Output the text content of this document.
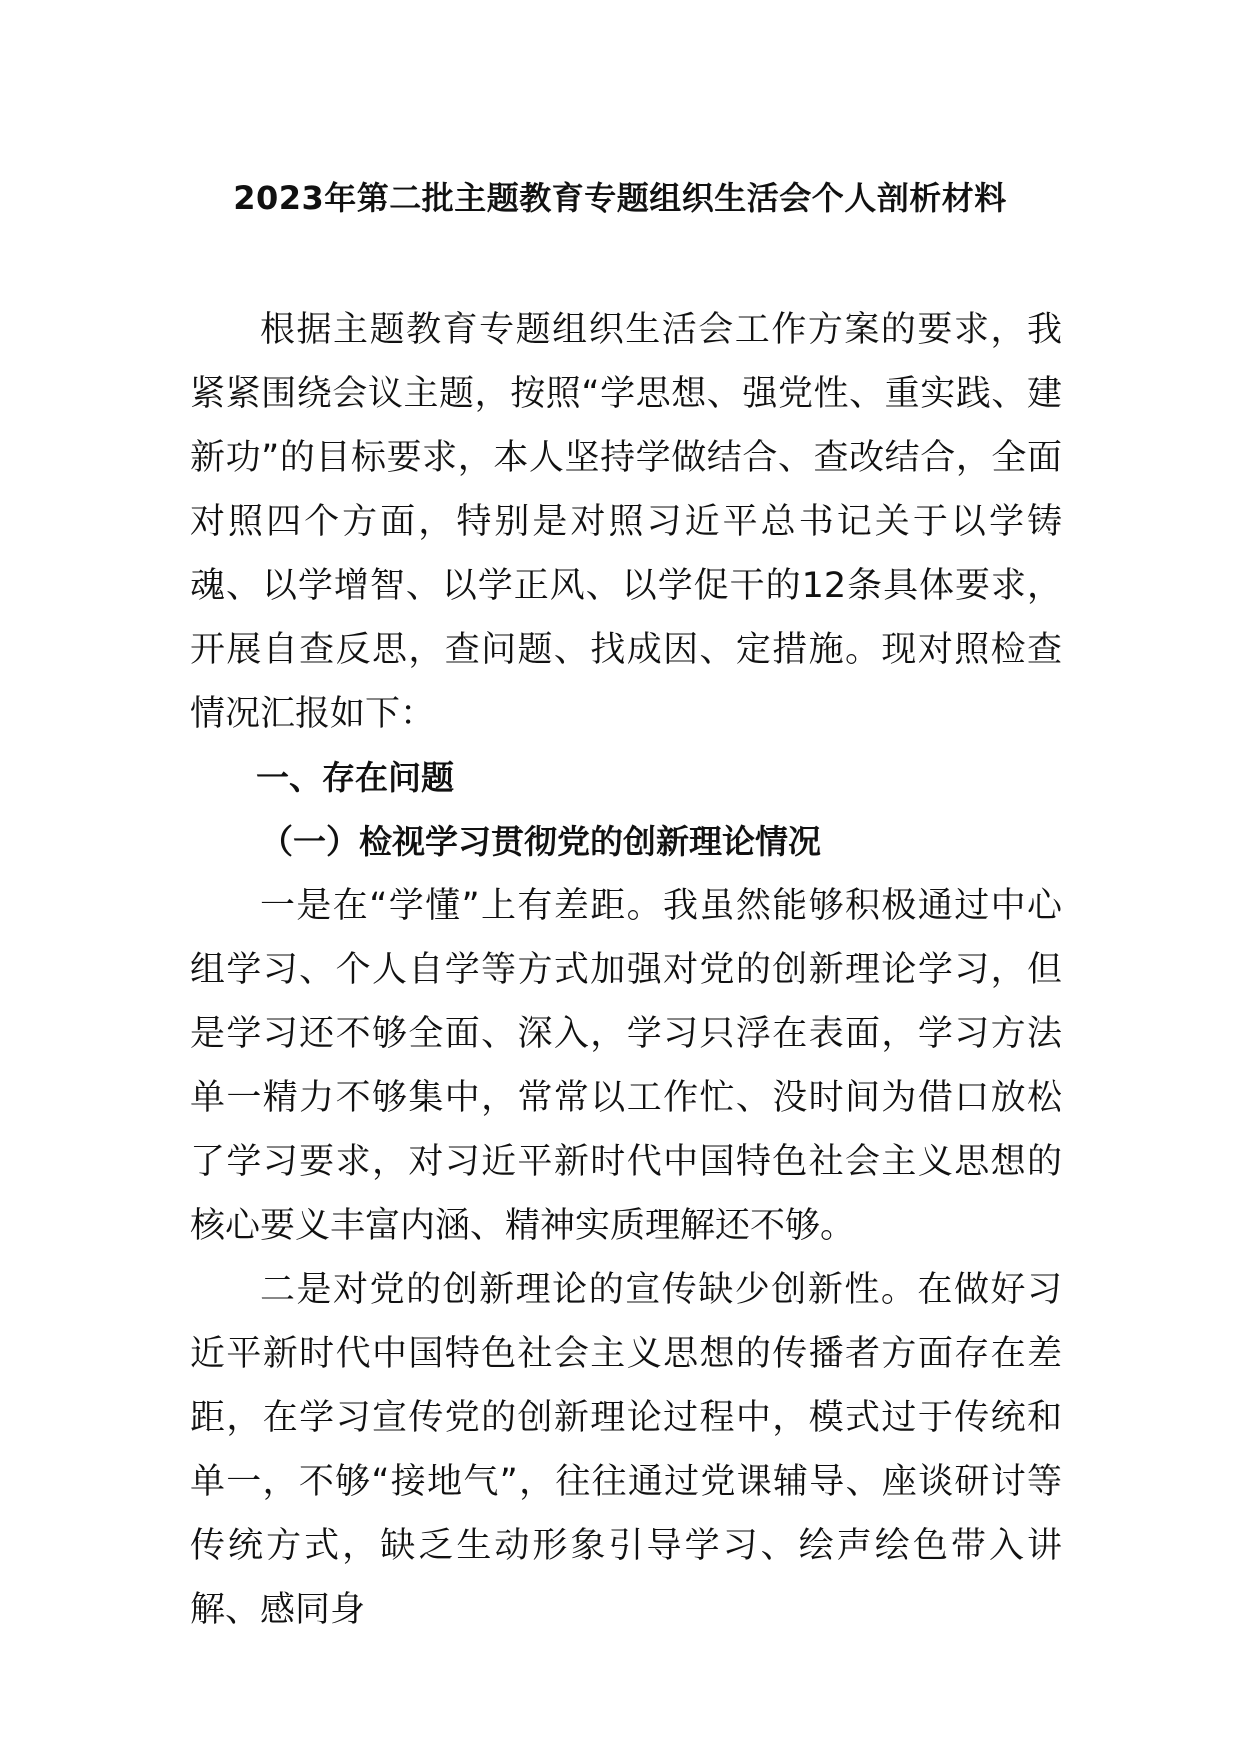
2023年第二批主题教育专题组织生活会个人剖析材料

根据主题教育专题组织生活会工作方案的要求，我紧紧围绕会议主题，按照“学思想、强党性、重实践、建新功”的目标要求，本人坚持学做结合、查改结合，全面对照四个方面，特别是对照习近平总书记关于以学铸魂、以学增智、以学正风、以学促干的12条具体要求，开展自查反思，查问题、找成因、定措施。现对照检查情况汇报如下：

一、存在问题

（一）检视学习贯彻党的创新理论情况

一是在“学懂”上有差距。我虽然能够积极通过中心组学习、个人自学等方式加强对党的创新理论学习，但是学习还不够全面、深入，学习只浮在表面，学习方法单一精力不够集中，常常以工作忙、没时间为借口放松了学习要求，对习近平新时代中国特色社会主义思想的核心要义丰富内涵、精神实质理解还不够。

二是对党的创新理论的宣传缺少创新性。在做好习近平新时代中国特色社会主义思想的传播者方面存在差距，在学习宣传党的创新理论过程中，模式过于传统和单一，不够“接地气”，往往通过党课辅导、座谈研讨等传统方式，缺乏生动形象引导学习、绘声绘色带入讲解、感同身
